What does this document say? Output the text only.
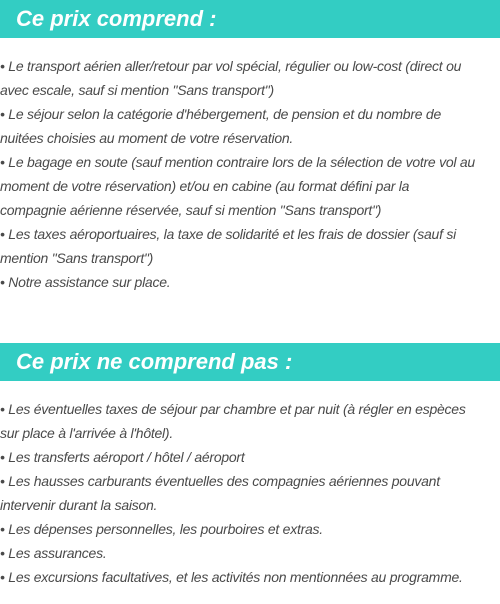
Ce prix comprend :
• Le transport aérien aller/retour par vol spécial, régulier ou low-cost (direct ou
avec escale, sauf si mention "Sans transport")
• Le séjour selon la catégorie d'hébergement, de pension et du nombre de
nuitées choisies au moment de votre réservation.
• Le bagage en soute (sauf mention contraire lors de la sélection de votre vol au
moment de votre réservation) et/ou en cabine (au format défini par la
compagnie aérienne réservée, sauf si mention "Sans transport")
• Les taxes aéroportuaires, la taxe de solidarité et les frais de dossier (sauf si
mention "Sans transport")
• Notre assistance sur place.
Ce prix ne comprend pas :
• Les éventuelles taxes de séjour par chambre et par nuit (à régler en espèces
sur place à l'arrivée à l'hôtel).
• Les transferts aéroport / hôtel / aéroport
• Les hausses carburants éventuelles des compagnies aériennes pouvant
intervenir durant la saison.
• Les dépenses personnelles, les pourboires et extras.
• Les assurances.
• Les excursions facultatives, et les activités non mentionnées au programme.
